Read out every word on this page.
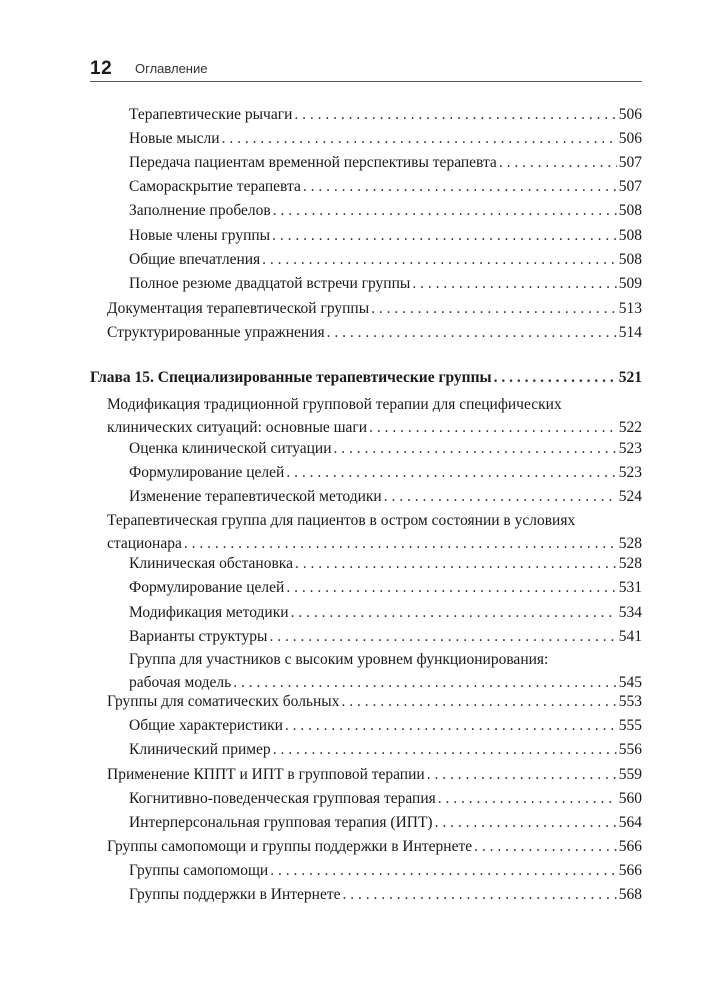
12 Оглавление
Терапевтические рычаги . . .	506
Новые мысли . . .	506
Передача пациентам временной перспективы терапевта . . .	507
Самораскрытие терапевта . . .	507
Заполнение пробелов . . .	508
Новые члены группы . . .	508
Общие впечатления . . .	508
Полное резюме двадцатой встречи группы . . .	509
Документация терапевтической группы . . .	513
Структурированные упражнения . . .	514
Глава 15. Специализированные терапевтические группы . . .	521
Модификация традиционной групповой терапии для специфических
клинических ситуаций: основные шаги . . .	522
Оценка клинической ситуации . . .	523
Формулирование целей . . .	523
Изменение терапевтической методики . . .	524
Терапевтическая группа для пациентов в остром состоянии в условиях
стационара . . .	528
Клиническая обстановка . . .	528
Формулирование целей . . .	531
Модификация методики . . .	534
Варианты структуры . . .	541
Группа для участников с высоким уровнем функционирования:
рабочая модель . . .	545
Группы для соматических больных . . .	553
Общие характеристики . . .	555
Клинический пример . . .	556
Применение КППТ и ИПТ в групповой терапии . . .	559
Когнитивно-поведенческая групповая терапия . . .	560
Интерперсональная групповая терапия (ИПТ) . . .	564
Группы самопомощи и группы поддержки в Интернете . . .	566
Группы самопомощи . . .	566
Группы поддержки в Интернете . . .	568
